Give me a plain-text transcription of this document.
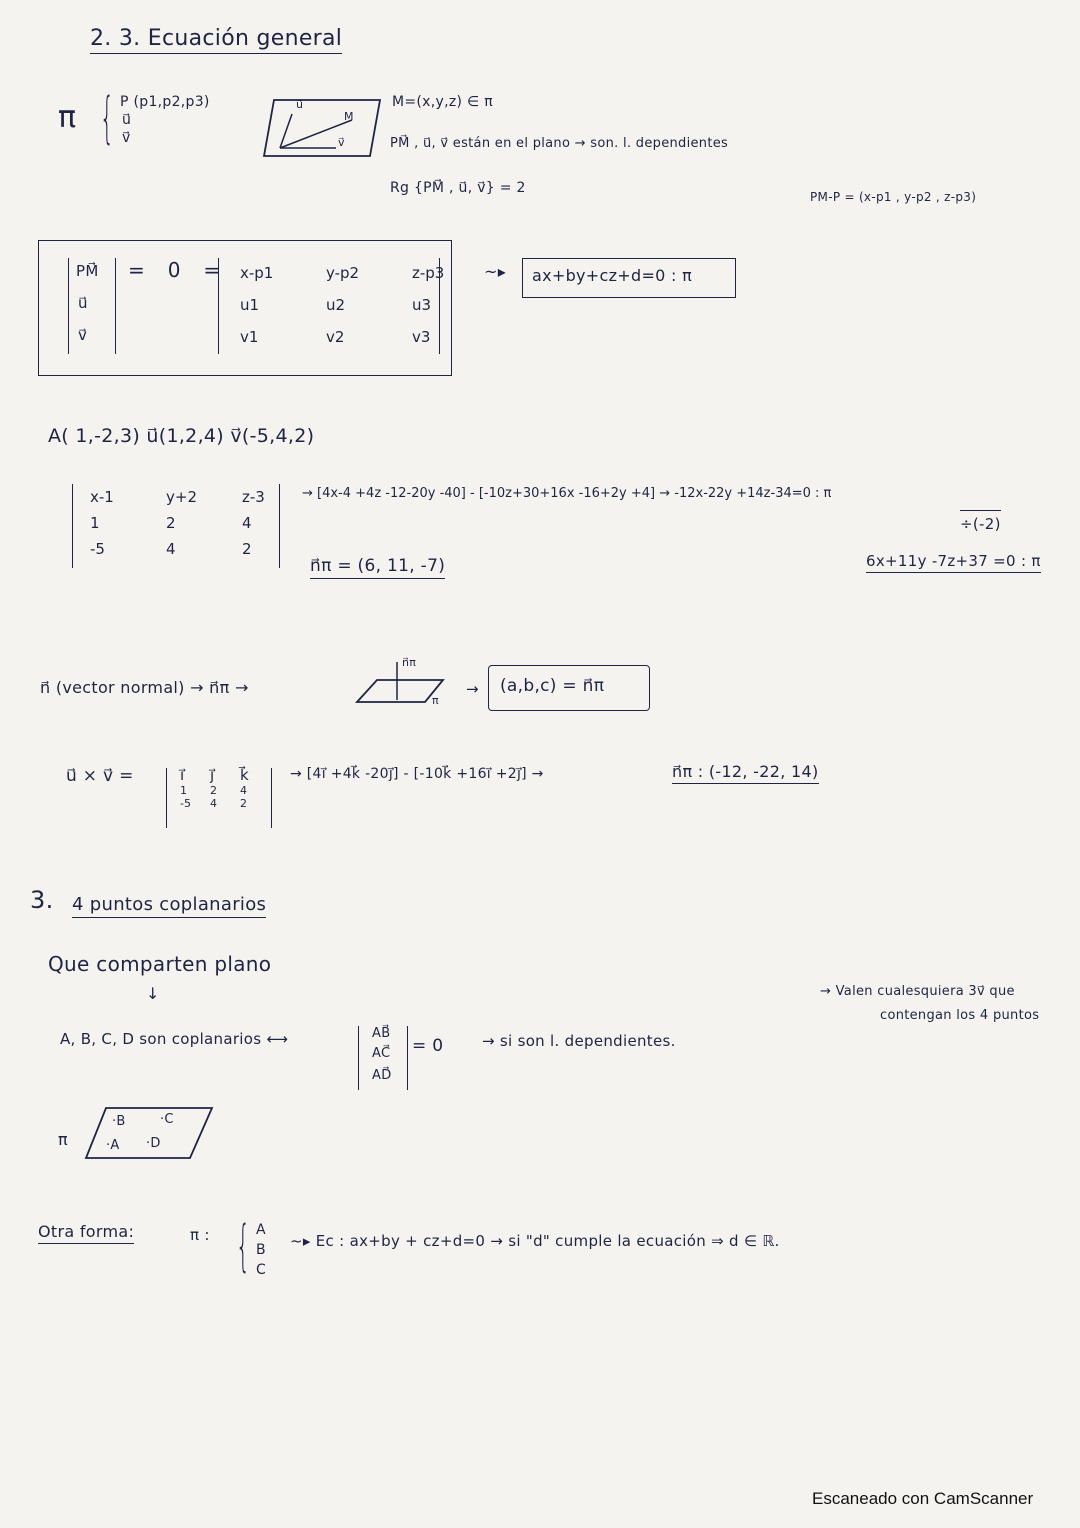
2. 3. Ecuación general
π { P (p1,p2,p3)
u⃗
v⃗
u⃗
M
v⃗
M=(x,y,z) ∈ π
PM⃗ , u⃗, v⃗ están en el plano → son. l. dependientes
Rg {PM⃗ , u⃗, v⃗} = 2
PM-P = (x-p1 , y-p2 , z-p3)
PM⃗
u⃗
v⃗
= 0 = x-p1	y-p2	z-p3
u1	u2	u3
v1	v2	v3
~▸ ax+by+cz+d=0 : π
A( 1,-2,3) u⃗(1,2,4) v⃗(-5,4,2)
x-1	y+2	z-3
1	2	4
-5	4	2
→ [4x-4 +4z -12-20y -40] - [-10z+30+16x -16+2y +4] → -12x-22y +14z-34=0 : π
÷(-2)
6x+11y -7z+37 =0 : π
n⃗π = (6, 11, -7)
n⃗ (vector normal) → n⃗π →
n⃗π
π
→ (a,b,c) = n⃗π
u⃗ × v⃗ =	i⃗	j⃗	k⃗
1	2	4
-5	4	2
→ [4i⃗ +4k⃗ -20j⃗] - [-10k⃗ +16i⃗ +2j⃗] →	n⃗π : (-12, -22, 14)
3. 4 puntos coplanarios
Que comparten plano
↓
A, B, C, D son coplanarios ⟷	AB⃗
AC⃗
AD⃗
= 0	→ si son l. dependientes.
→ Valen cualesquiera 3v⃗ que
contengan los 4 puntos
π
·B	·C
·A ·D
Otra forma:	π : { A
B
C
~▸ Ec : ax+by + cz+d=0 → si "d" cumple la ecuación ⇒ d ∈ ℝ.
Escaneado con CamScanner
